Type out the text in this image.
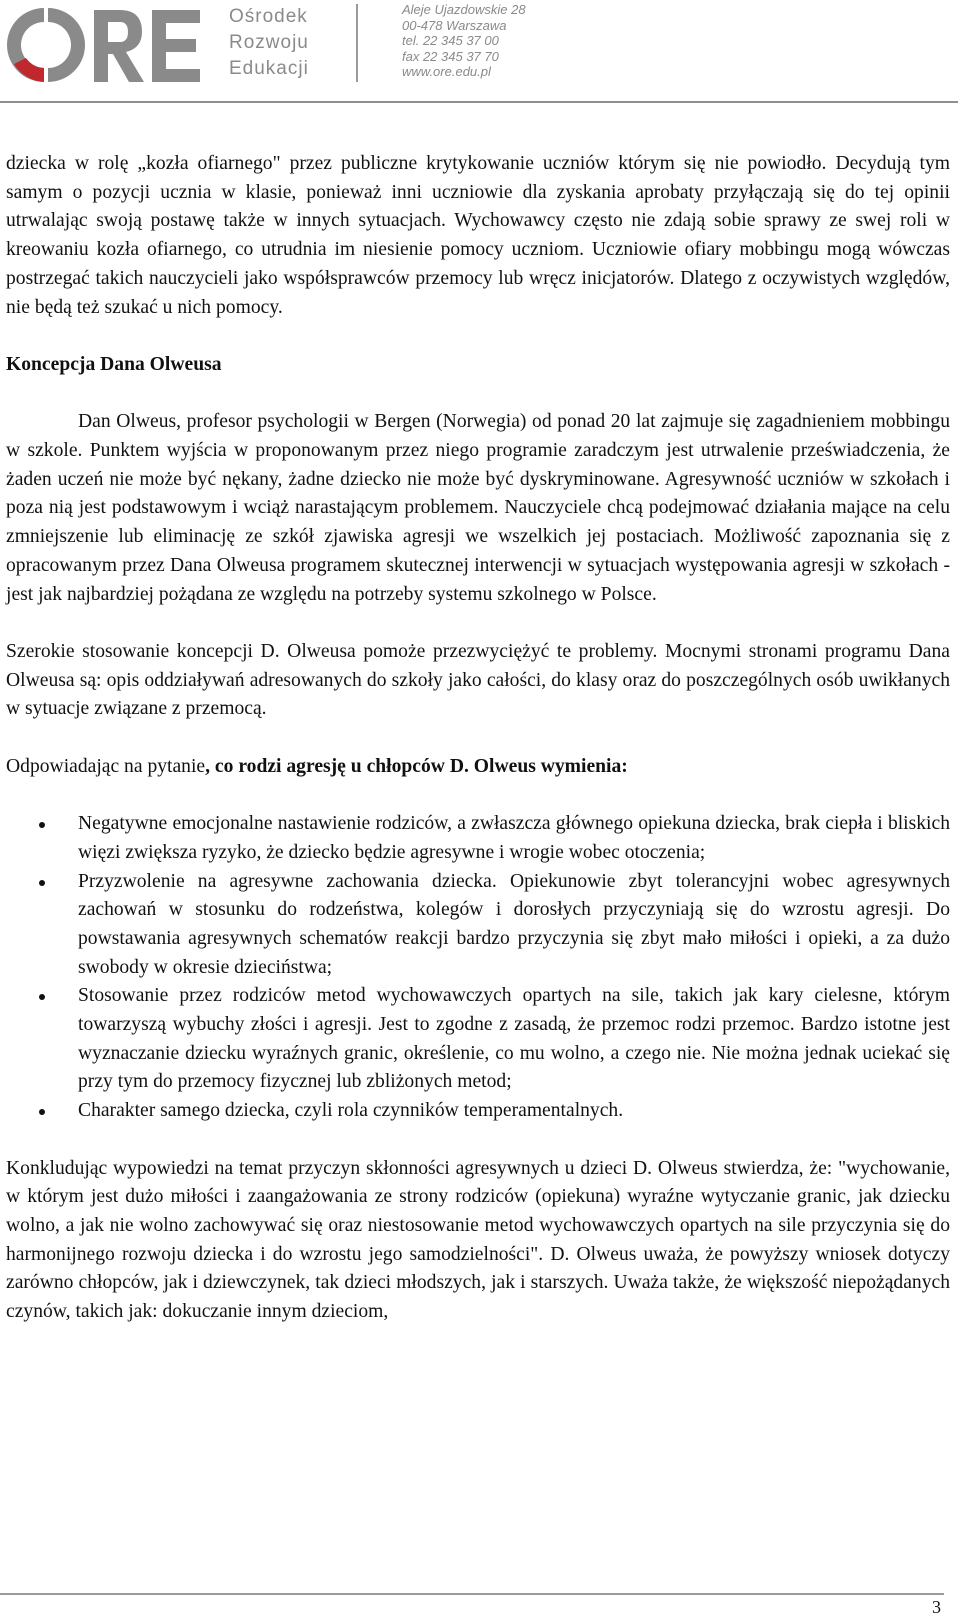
Ośrodek
Rozwoju
Edukacji
Aleje Ujazdowskie 28
00-478 Warszawa
tel. 22 345 37 00
fax 22 345 37 70
www.ore.edu.pl

dziecka w rolę „kozła ofiarnego" przez publiczne krytykowanie uczniów którym się nie powiodło. Decydują tym samym o pozycji ucznia w klasie, ponieważ inni uczniowie dla zyskania aprobaty przyłączają się do tej opinii utrwalając swoją postawę także w innych sytuacjach. Wychowawcy często nie zdają sobie sprawy ze swej roli w kreowaniu kozła ofiarnego, co utrudnia im niesienie pomocy uczniom. Uczniowie ofiary mobbingu mogą wówczas postrzegać takich nauczycieli jako współsprawców przemocy lub wręcz inicjatorów. Dlatego z oczywistych względów, nie będą też szukać u nich pomocy.

Koncepcja Dana Olweusa

Dan Olweus, profesor psychologii w Bergen (Norwegia) od ponad 20 lat zajmuje się zagadnieniem mobbingu w szkole. Punktem wyjścia w proponowanym przez niego programie zaradczym jest utrwalenie przeświadczenia, że żaden uczeń nie może być nękany, żadne dziecko nie może być dyskryminowane. Agresywność uczniów w szkołach i poza nią jest podstawowym i wciąż narastającym problemem. Nauczyciele chcą podejmować działania mające na celu zmniejszenie lub eliminację ze szkół zjawiska agresji we wszelkich jej postaciach. Możliwość zapoznania się z opracowanym przez Dana Olweusa programem skutecznej interwencji w sytuacjach występowania agresji w szkołach - jest jak najbardziej pożądana ze względu na potrzeby systemu szkolnego w Polsce.

Szerokie stosowanie koncepcji D. Olweusa pomoże przezwyciężyć te problemy. Mocnymi stronami programu Dana Olweusa są: opis oddziaływań adresowanych do szkoły jako całości, do klasy oraz do poszczególnych osób uwikłanych w sytuacje związane z przemocą.

Odpowiadając na pytanie, co rodzi agresję u chłopców D. Olweus wymienia:

Negatywne emocjonalne nastawienie rodziców, a zwłaszcza głównego opiekuna dziecka, brak ciepła i bliskich więzi zwiększa ryzyko, że dziecko będzie agresywne i wrogie wobec otoczenia;
Przyzwolenie na agresywne zachowania dziecka. Opiekunowie zbyt tolerancyjni wobec agresywnych zachowań w stosunku do rodzeństwa, kolegów i dorosłych przyczyniają się do wzrostu agresji. Do powstawania agresywnych schematów reakcji bardzo przyczynia się zbyt mało miłości i opieki, a za dużo swobody w okresie dzieciństwa;
Stosowanie przez rodziców metod wychowawczych opartych na sile, takich jak kary cielesne, którym towarzyszą wybuchy złości i agresji. Jest to zgodne z zasadą, że przemoc rodzi przemoc. Bardzo istotne jest wyznaczanie dziecku wyraźnych granic, określenie, co mu wolno, a czego nie. Nie można jednak uciekać się przy tym do przemocy fizycznej lub zbliżonych metod;
Charakter samego dziecka, czyli rola czynników temperamentalnych.

Konkludując wypowiedzi na temat przyczyn skłonności agresywnych u dzieci D. Olweus stwierdza, że: "wychowanie, w którym jest dużo miłości i zaangażowania ze strony rodziców (opiekuna) wyraźne wytyczanie granic, jak dziecku wolno, a jak nie wolno zachowywać się oraz niestosowanie metod wychowawczych opartych na sile przyczynia się do harmonijnego rozwoju dziecka i do wzrostu jego samodzielności". D. Olweus uważa, że powyższy wniosek dotyczy zarówno chłopców, jak i dziewczynek, tak dzieci młodszych, jak i starszych. Uważa także, że większość niepożądanych czynów, takich jak: dokuczanie innym dzieciom,

3
